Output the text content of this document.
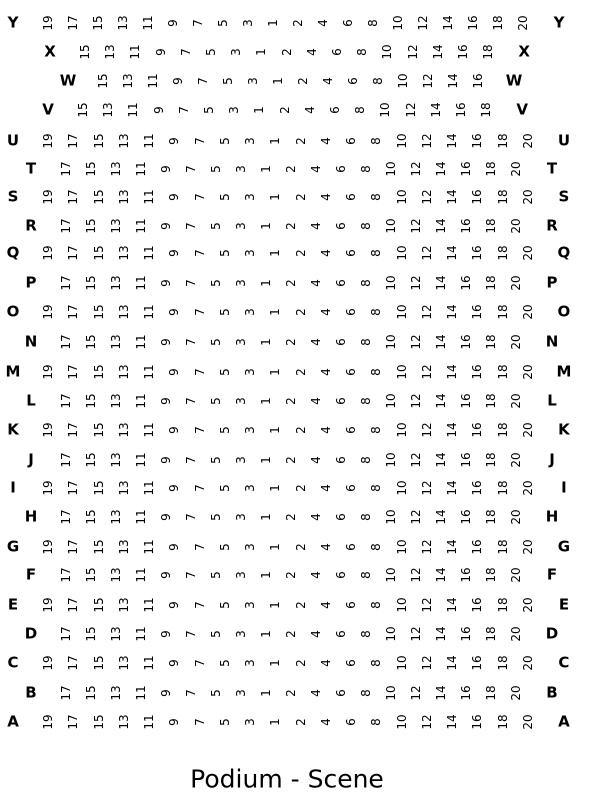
Y 19 17 15 13 11 9 7 5 3 1 2 4 6 8 10 12 14 16 18 20 Y
X 15 13 11 9 7 5 3 1 2 4 6 8 10 12 14 16 18 X
W 15 13 11 9 7 5 3 1 2 4 6 8 10 12 14 16 W
V 15 13 11 9 7 5 3 1 2 4 6 8 10 12 14 16 18 V
U 19 17 15 13 11 9 7 5 3 1 2 4 6 8 10 12 14 16 18 20 U
T 17 15 13 11 9 7 5 3 1 2 4 6 8 10 12 14 16 18 20 T
S 19 17 15 13 11 9 7 5 3 1 2 4 6 8 10 12 14 16 18 20 S
R 17 15 13 11 9 7 5 3 1 2 4 6 8 10 12 14 16 18 20 R
Q 19 17 15 13 11 9 7 5 3 1 2 4 6 8 10 12 14 16 18 20 Q
P 17 15 13 11 9 7 5 3 1 2 4 6 8 10 12 14 16 18 20 P
O 19 17 15 13 11 9 7 5 3 1 2 4 6 8 10 12 14 16 18 20 O
N 17 15 13 11 9 7 5 3 1 2 4 6 8 10 12 14 16 18 20 N
M 19 17 15 13 11 9 7 5 3 1 2 4 6 8 10 12 14 16 18 20 M
L 17 15 13 11 9 7 5 3 1 2 4 6 8 10 12 14 16 18 20 L
K 19 17 15 13 11 9 7 5 3 1 2 4 6 8 10 12 14 16 18 20 K
J 17 15 13 11 9 7 5 3 1 2 4 6 8 10 12 14 16 18 20 J
I 19 17 15 13 11 9 7 5 3 1 2 4 6 8 10 12 14 16 18 20 I
H 17 15 13 11 9 7 5 3 1 2 4 6 8 10 12 14 16 18 20 H
G 19 17 15 13 11 9 7 5 3 1 2 4 6 8 10 12 14 16 18 20 G
F 17 15 13 11 9 7 5 3 1 2 4 6 8 10 12 14 16 18 20 F
E 19 17 15 13 11 9 7 5 3 1 2 4 6 8 10 12 14 16 18 20 E
D 17 15 13 11 9 7 5 3 1 2 4 6 8 10 12 14 16 18 20 D
C 19 17 15 13 11 9 7 5 3 1 2 4 6 8 10 12 14 16 18 20 C
B 17 15 13 11 9 7 5 3 1 2 4 6 8 10 12 14 16 18 20 B
A 19 17 15 13 11 9 7 5 3 1 2 4 6 8 10 12 14 16 18 20 A
Podium - Scene
